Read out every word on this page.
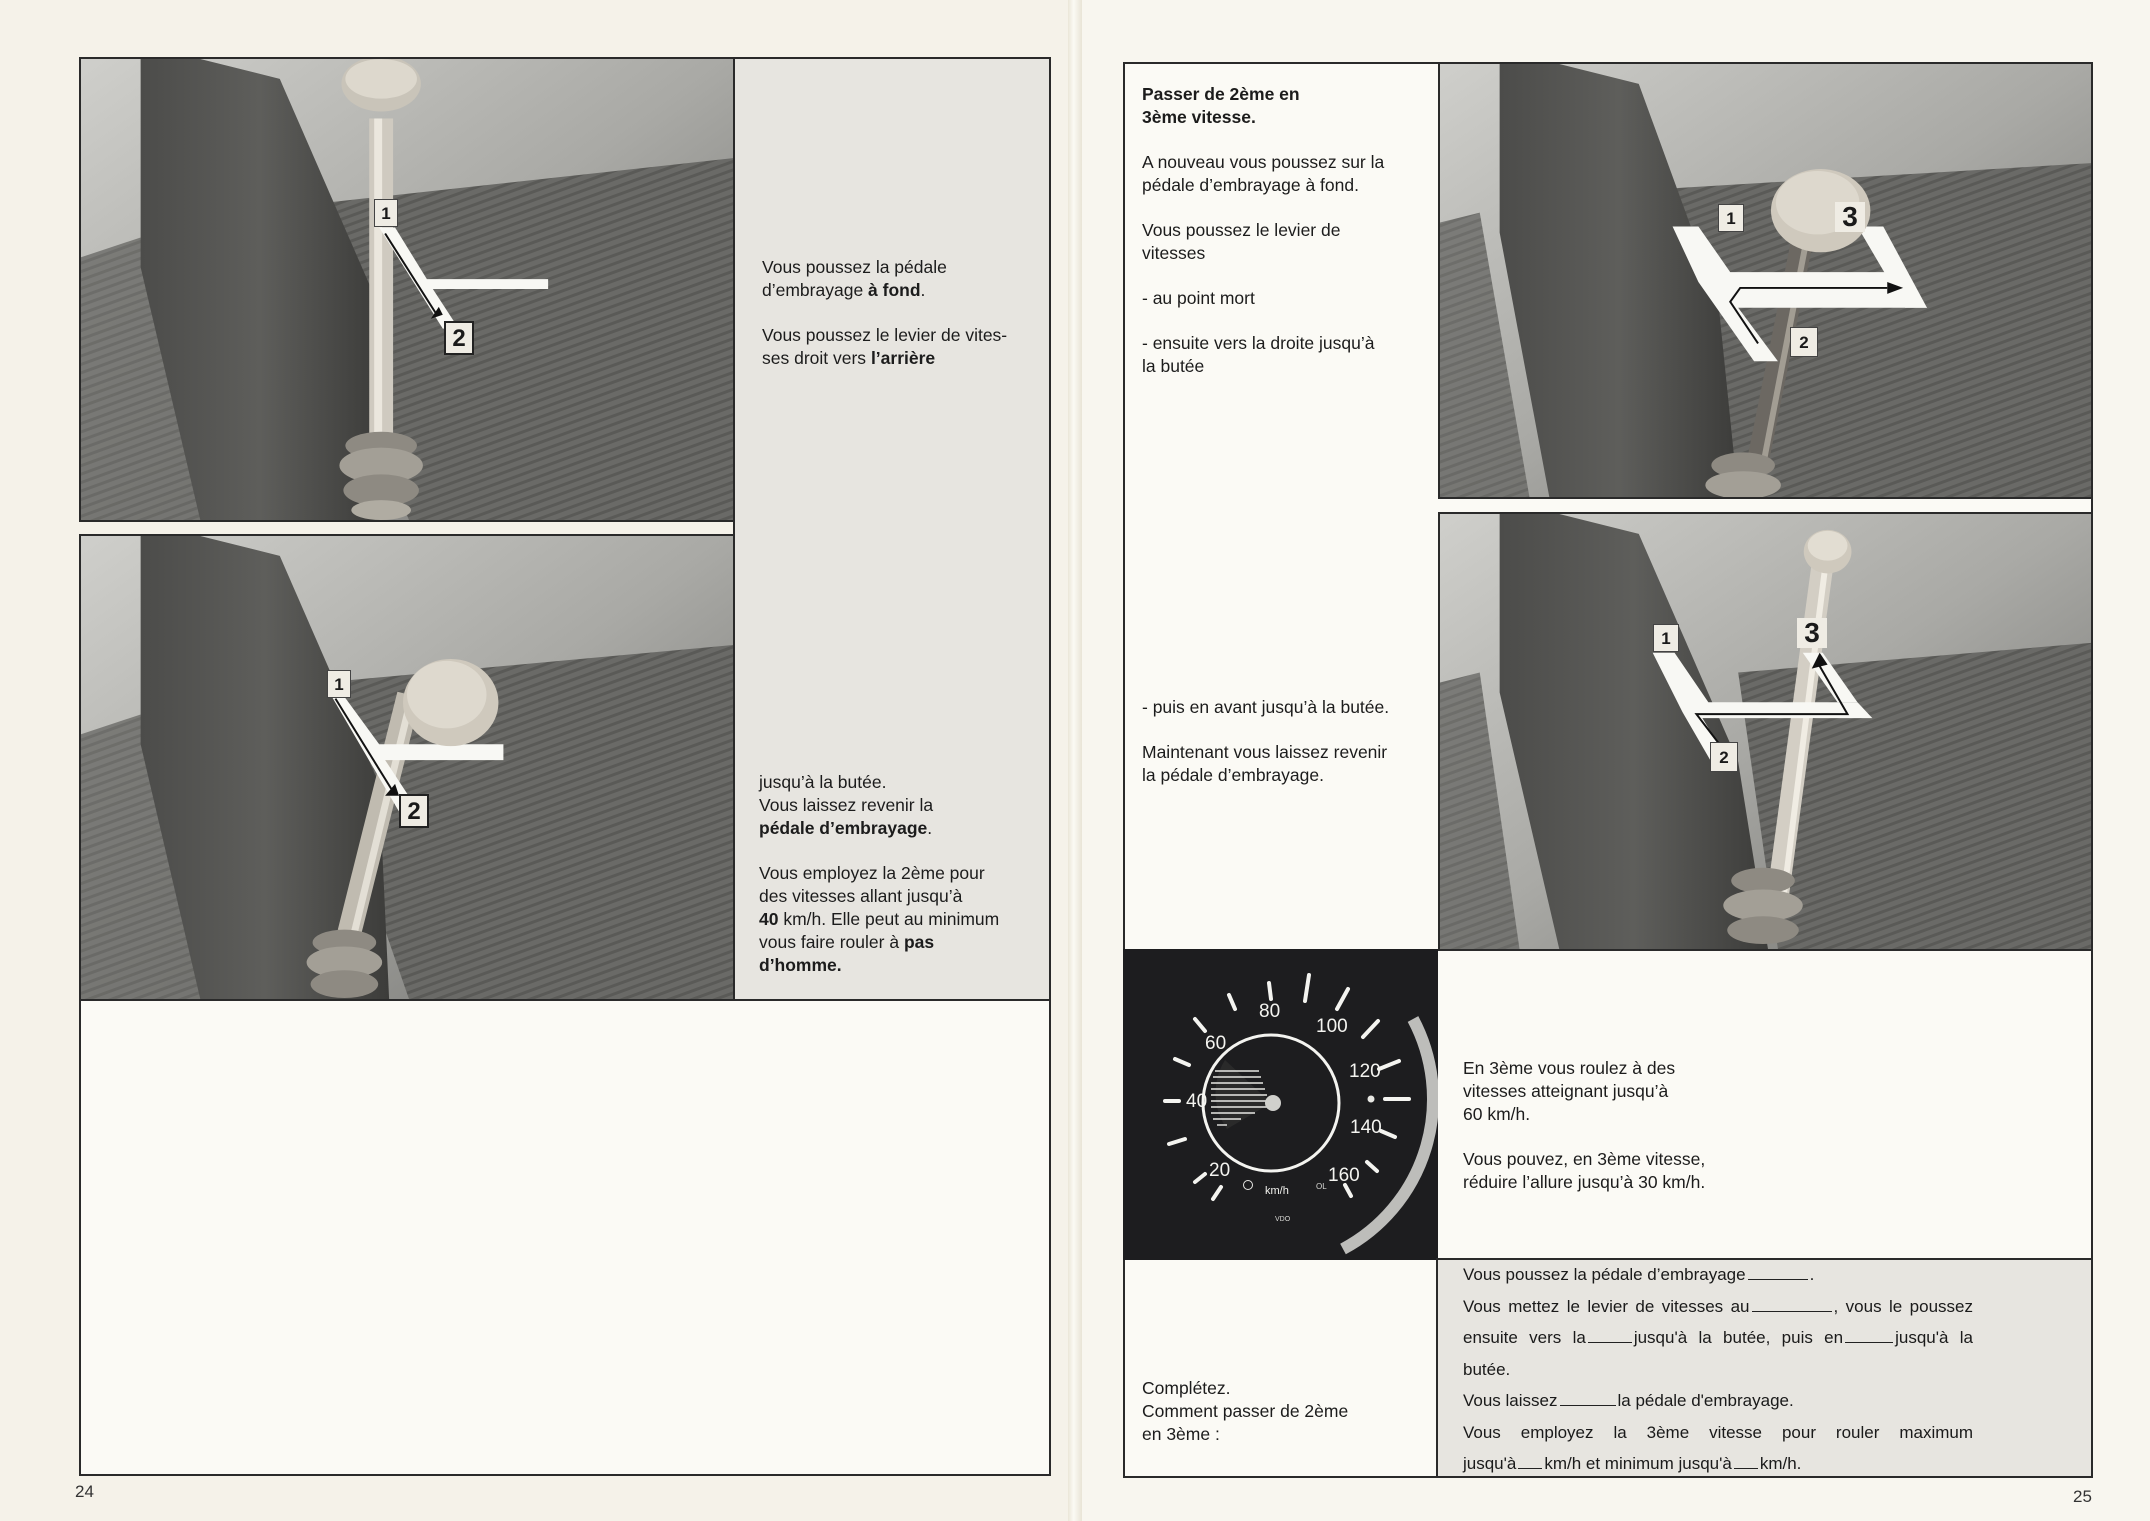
1
2

Vous poussez la pédale
d’embrayage à fond.

Vous poussez le levier de vites-
ses droit vers l’arrière

1
2

jusqu’à la butée.
Vous laissez revenir la
pédale d’embrayage.

Vous employez la 2ème pour
des vitesses allant jusqu’à
40 km/h. Elle peut au minimum
vous faire rouler à pas
d’homme.

24

Passer de 2ème en
3ème vitesse.

A nouveau vous poussez sur la
pédale d’embrayage à fond.

Vous poussez le levier de
vitesses

- au point mort

- ensuite vers la droite jusqu’à
la butée

1
2
3

- puis en avant jusqu’à la butée.

Maintenant vous laissez revenir
la pédale d’embrayage.

1
2
3
20
40
60
80
100
120
140
160
km/h
VDO
OL

En 3ème vous roulez à des
vitesses atteignant jusqu’à
60 km/h.

Vous pouvez, en 3ème vitesse,
réduire l’allure jusqu’à 30 km/h.

Complétez.
Comment passer de 2ème
en 3ème :

Vous poussez la pédale d’embrayage	.
Vous mettez le levier de vitesses au	, vous le poussez
ensuite vers la	jusqu'à la butée, puis en	jusqu'à la
butée.
Vous laissez	la pédale d'embrayage.
Vous employez la 3ème vitesse pour rouler maximum
jusqu'à km/h et minimum jusqu'à km/h.
25
